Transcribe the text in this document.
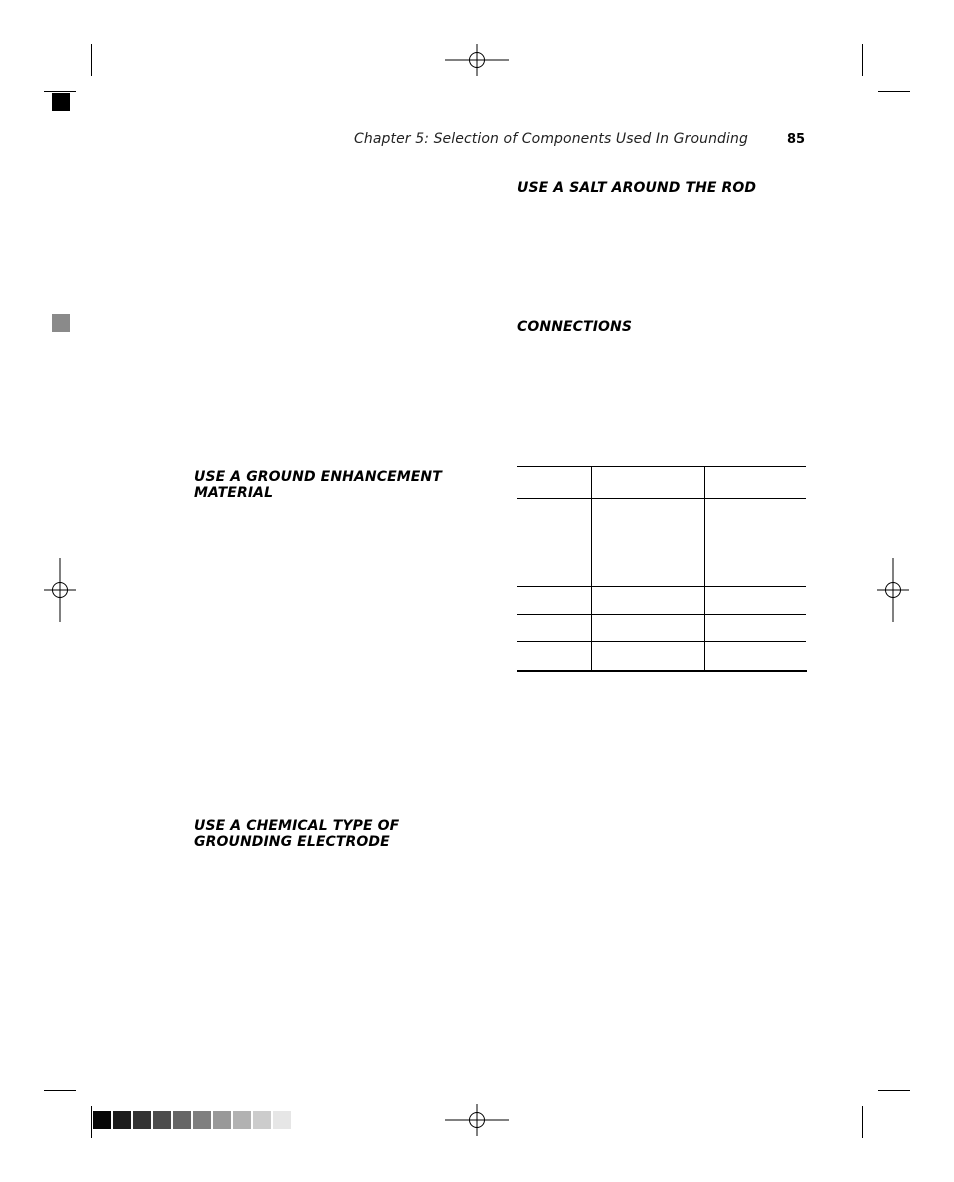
Chapter 5: Selection of Components Used In Grounding	85
USE A SALT AROUND THE ROD
CONNECTIONS
USE A GROUND ENHANCEMENT
MATERIAL
USE A CHEMICAL TYPE OF
GROUNDING ELECTRODE
